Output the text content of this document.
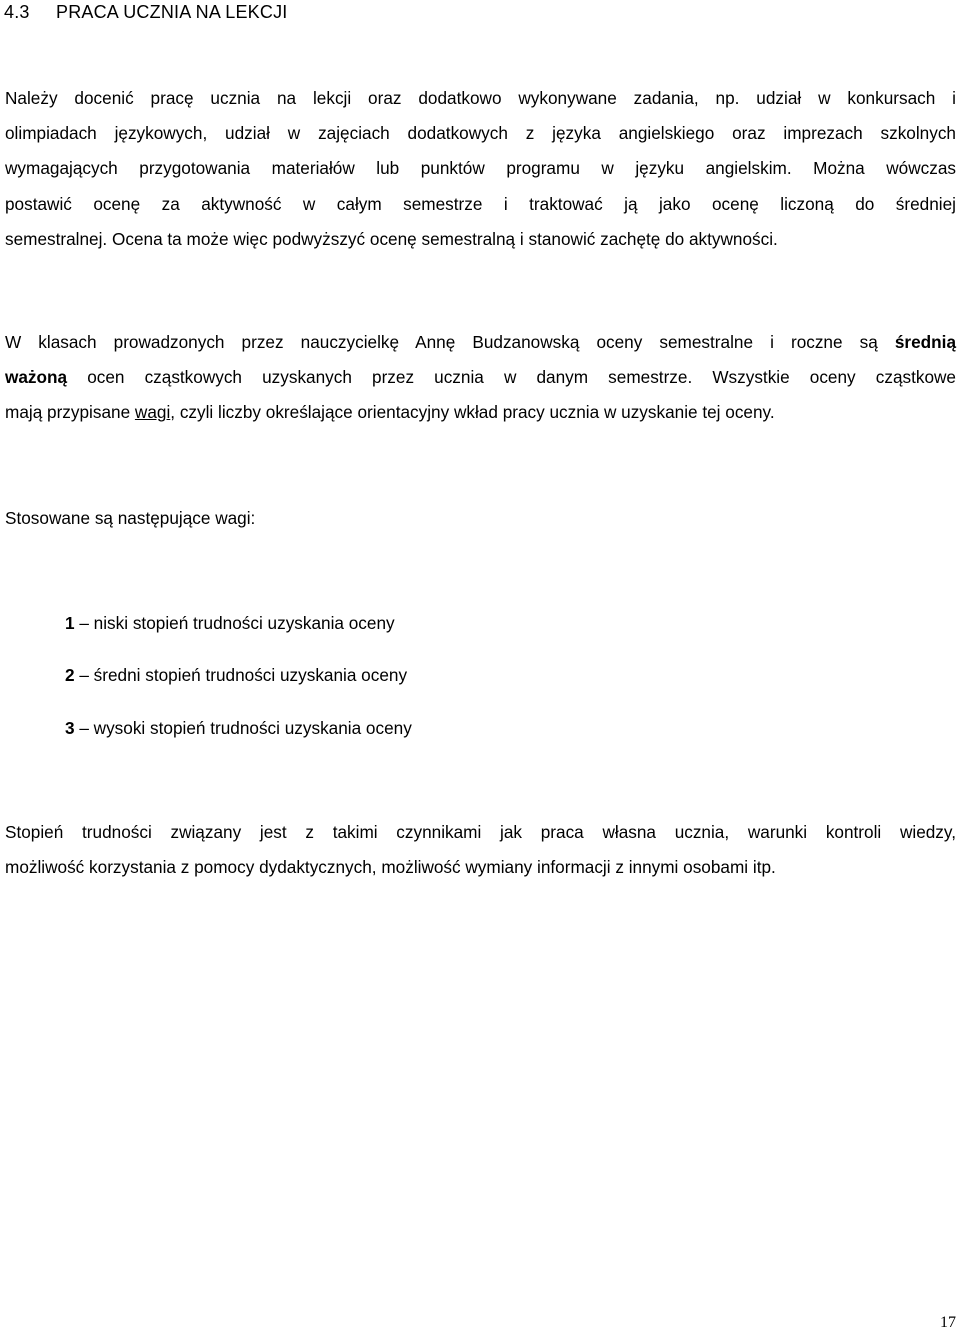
4.3 PRACA UCZNIA NA LEKCJI
Należy docenić pracę ucznia na lekcji oraz dodatkowo wykonywane zadania, np. udział w konkursach i
olimpiadach językowych, udział w zajęciach dodatkowych z języka angielskiego oraz imprezach szkolnych
wymagających przygotowania materiałów lub punktów programu w języku angielskim. Można wówczas
postawić ocenę za aktywność w całym semestrze i traktować ją jako ocenę liczoną do średniej
semestralnej. Ocena ta może więc podwyższyć ocenę semestralną i stanowić zachętę do aktywności.
W klasach prowadzonych przez nauczycielkę Annę Budzanowską oceny semestralne i roczne są średnią
ważoną ocen cząstkowych uzyskanych przez ucznia w danym semestrze. Wszystkie oceny cząstkowe
mają przypisane wagi, czyli liczby określające orientacyjny wkład pracy ucznia w uzyskanie tej oceny.
Stosowane są następujące wagi:
1 – niski stopień trudności uzyskania oceny
2 – średni stopień trudności uzyskania oceny
3 – wysoki stopień trudności uzyskania oceny
Stopień trudności związany jest z takimi czynnikami jak praca własna ucznia, warunki kontroli wiedzy,
możliwość korzystania z pomocy dydaktycznych, możliwość wymiany informacji z innymi osobami itp.
17
